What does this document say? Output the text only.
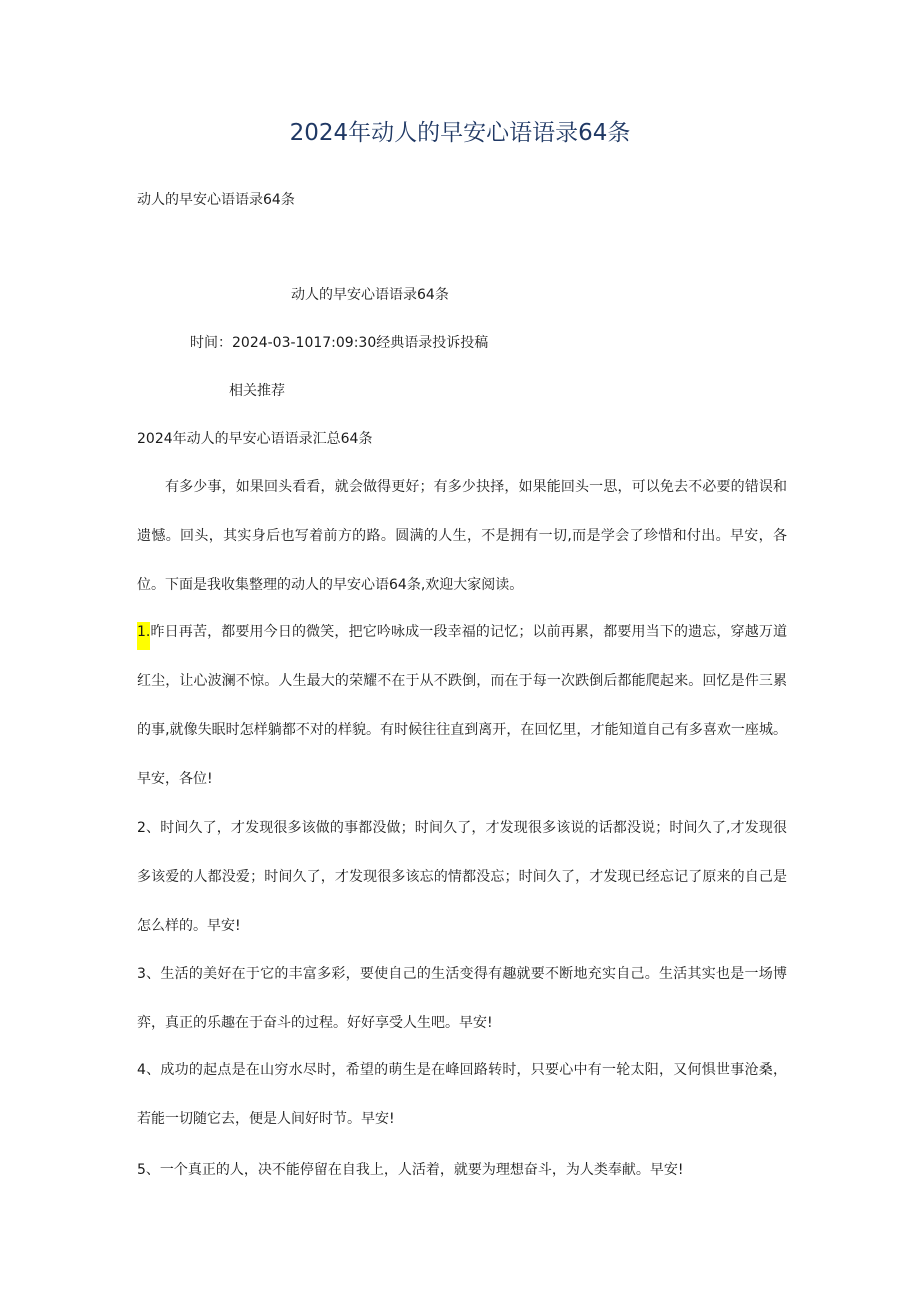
2024年动人的早安心语语录64条
动人的早安心语语录64条
动人的早安心语语录64条
时间：2024-03-1017:09:30经典语录投诉投稿
相关推荐
2024年动人的早安心语语录汇总64条

有多少事，如果回头看看，就会做得更好；有多少抉择，如果能回头一思，可以免去不必要的错误和遗憾。回头，其实身后也写着前方的路。圆满的人生，不是拥有一切,而是学会了珍惜和付出。早安，各位。下面是我收集整理的动人的早安心语64条,欢迎大家阅读。

1.昨日再苦，都要用今日的微笑，把它吟咏成一段幸福的记忆；以前再累，都要用当下的遗忘，穿越万道红尘，让心波澜不惊。人生最大的荣耀不在于从不跌倒，而在于每一次跌倒后都能爬起来。回忆是件三累的事,就像失眠时怎样躺都不对的样貌。有时候往往直到离开，在回忆里，才能知道自己有多喜欢一座城。早安，各位!

2、时间久了，才发现很多该做的事都没做；时间久了，才发现很多该说的话都没说；时间久了,才发现很多该爱的人都没爱；时间久了，才发现很多该忘的情都没忘；时间久了，才发现已经忘记了原来的自己是怎么样的。早安!

3、生活的美好在于它的丰富多彩，要使自己的生活变得有趣就要不断地充实自己。生活其实也是一场博弈，真正的乐趣在于奋斗的过程。好好享受人生吧。早安!

4、成功的起点是在山穷水尽时，希望的萌生是在峰回路转时，只要心中有一轮太阳，又何惧世事沧桑，若能一切随它去，便是人间好时节。早安!

5、一个真正的人，决不能停留在自我上，人活着，就要为理想奋斗，为人类奉献。早安!
